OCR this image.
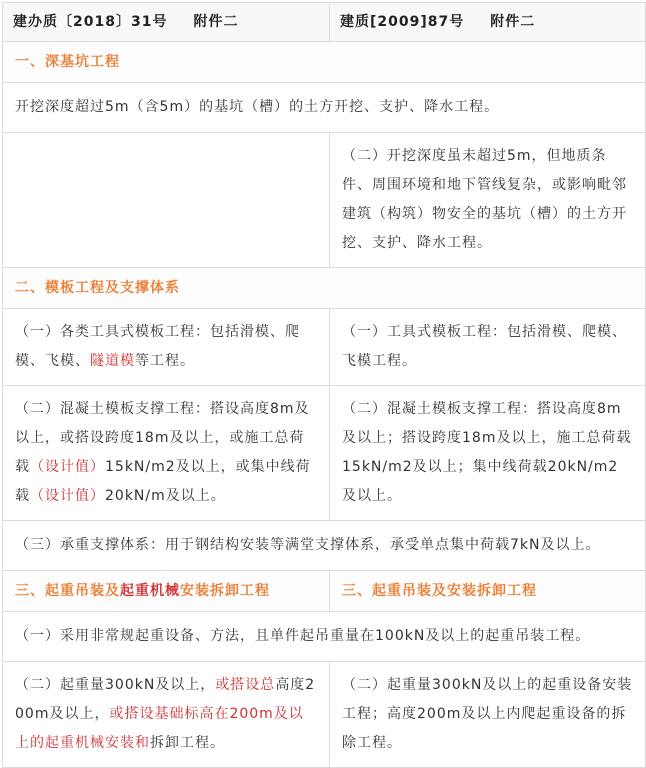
建办质〔2018〕31号 附件二	建质[2009]87号 附件二
一、深基坑工程	
开挖深度超过5m（含5m）的基坑（槽）的土方开挖、支护、降水工程。	
	（二）开挖深度虽未超过5m，但地质条件、周围环境和地下管线复杂，或影响毗邻建筑（构筑）物安全的基坑（槽）的土方开挖、支护、降水工程。
二、模板工程及支撑体系	
（一）各类工具式模板工程：包括滑模、爬模、飞模、隧道模等工程。	（一）工具式模板工程：包括滑模、爬模、飞模工程。
（二）混凝土模板支撑工程：搭设高度8m及以上，或搭设跨度18m及以上，或施工总荷载（设计值）15kN/m2及以上，或集中线荷载（设计值）20kN/m及以上。	（二）混凝土模板支撑工程：搭设高度8m及以上；搭设跨度18m及以上，施工总荷载15kN/m2及以上；集中线荷载20kN/m2及以上。
（三）承重支撑体系：用于钢结构安装等满堂支撑体系，承受单点集中荷载7kN及以上。	
三、起重吊装及起重机械安装拆卸工程	三、起重吊装及安装拆卸工程
（一）采用非常规起重设备、方法，且单件起吊重量在100kN及以上的起重吊装工程。	
（二）起重量300kN及以上，或搭设总高度200m及以上，或搭设基础标高在200m及以上的起重机械安装和拆卸工程。	（二）起重量300kN及以上的起重设备安装工程；高度200m及以上内爬起重设备的拆除工程。
